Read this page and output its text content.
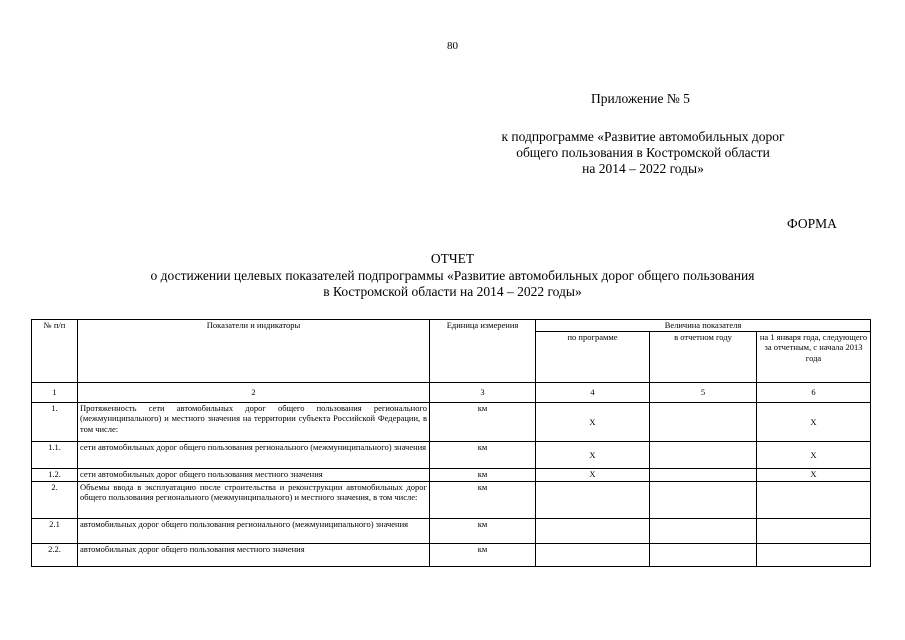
80
Приложение № 5
к подпрограмме «Развитие автомобильных дорог
общего пользования в Костромской области
на 2014 – 2022 годы»
ФОРМА
ОТЧЕТ
о достижении целевых показателей подпрограммы «Развитие автомобильных дорог общего пользования
в Костромской области на 2014 – 2022 годы»
№ п/п	Показатели и индикаторы	Единица измерения	Величина показателя		
			по программе	в отчетном году	на 1 января года, следующего за отчетным, с начала 2013 года
1	2	3	4	5	6
1.	Протяженность сети автомобильных дорог общего пользования регионального (межмуниципального) и местного значения на территории субъекта Российской Федерации, в том числе:	км	Х		Х
1.1.	сети автомобильных дорог общего пользования регионального (межмуниципального) значения	км	Х		Х
1.2.	сети автомобильных дорог общего пользования местного значения	км	Х		Х
2.	Объемы ввода в эксплуатацию после строительства и реконструкции автомобильных дорог общего пользования регионального (межмуниципального) и местного значения, в том числе:	км			
2.1	автомобильных дорог общего пользования регионального (межмуниципального) значения	км			
2.2.	автомобильных дорог общего пользования местного значения	км			
